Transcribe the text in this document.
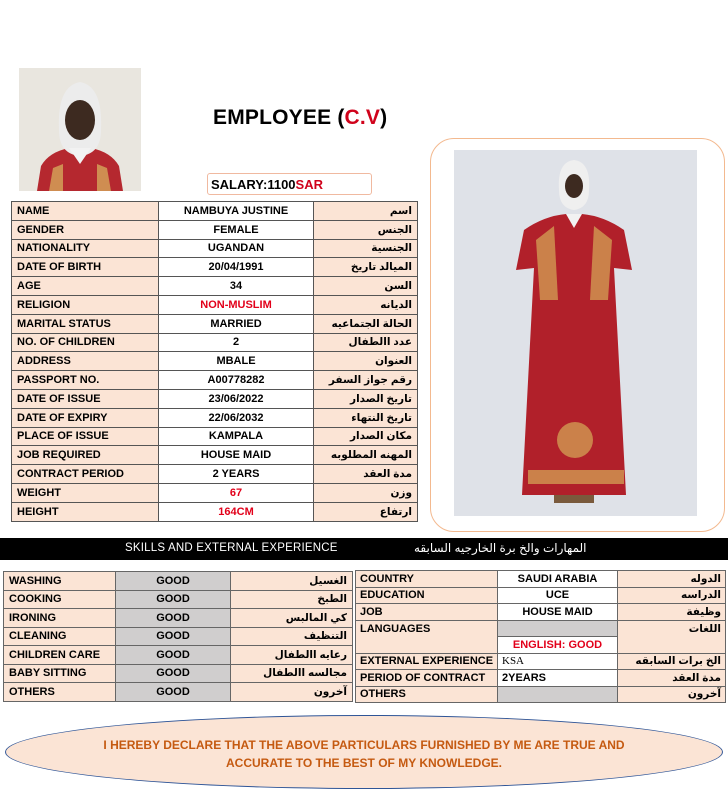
EMPLOYEE (C.V)
SALARY:1100SAR
NAME	NAMBUYA JUSTINE	اسم
GENDER	FEMALE	الجنس
NATIONALITY	UGANDAN	الجنسية
DATE OF BIRTH	20/04/1991	الميالد تاريخ
AGE	34	السن
RELIGION	NON-MUSLIM	الديانه
MARITAL STATUS	MARRIED	الحالة الجتماعيه
NO. OF CHILDREN	2	عدد االطفال
ADDRESS	MBALE	العنوان
PASSPORT NO.	A00778282	رقم جواز السفر
DATE OF ISSUE	23/06/2022	تاريخ الصدار
DATE OF EXPIRY	22/06/2032	تاريخ النتهاء
PLACE OF ISSUE	KAMPALA	مكان الصدار
JOB REQUIRED	HOUSE MAID	المهنه المطلوبه
CONTRACT PERIOD	2 YEARS	مدة العقد
WEIGHT	67	وزن
HEIGHT	164CM	ارتفاع
SKILLS AND EXTERNAL EXPERIENCE	المهارات والخ برة الخارجيه السابقه
WASHING	GOOD	الغسيل
COOKING	GOOD	الطبخ
IRONING	GOOD	كي المالبس
CLEANING	GOOD	التنظيف
CHILDREN CARE	GOOD	رعايه االطفال
BABY SITTING	GOOD	مجالسه االطفال
OTHERS	GOOD	آخرون
COUNTRY	SAUDI ARABIA	الدوله
EDUCATION	UCE	الدراسه
JOB	HOUSE MAID	وظيفة
LANGUAGES		اللغات
	ENGLISH: GOOD	
EXTERNAL EXPERIENCE	KSA	الخ برات السابقه
PERIOD OF CONTRACT	2YEARS	مدة العقد
OTHERS		آخرون
I HEREBY DECLARE THAT THE ABOVE PARTICULARS FURNISHED BY ME ARE TRUE AND
ACCURATE TO THE BEST OF MY KNOWLEDGE.
